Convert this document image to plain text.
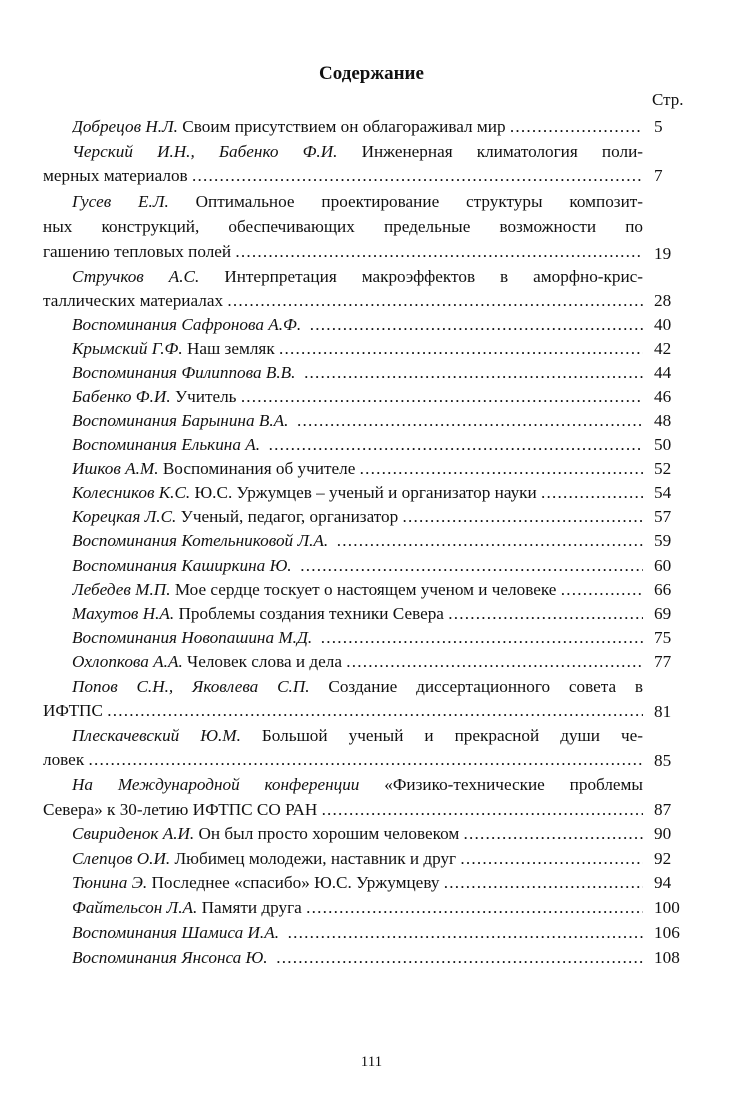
Содержание
Стр.
Добрецов Н.Л. Своим присутствием он облагораживал мир .....	5
Черский И.Н., Бабенко Ф.И. Инженерная климатология поли-
мерных материалов .....	7
Гусев Е.Л. Оптимальное проектирование структуры композит-
ных конструкций, обеспечивающих предельные возможности по
гашению тепловых полей .....	19
Стручков А.С. Интерпретация макроэффектов в аморфно-крис-
таллических материалах .....	28
Воспоминания Сафронова А.Ф. .....	40
Крымский Г.Ф. Наш земляк .....	42
Воспоминания Филиппова В.В. .....	44
Бабенко Ф.И. Учитель .....	46
Воспоминания Барынина В.А. .....	48
Воспоминания Елькина А. .....	50
Ишков А.М. Воспоминания об учителе .....	52
Колесников К.С. Ю.С. Уржумцев – ученый и организатор науки .....	54
Корецкая Л.С. Ученый, педагог, организатор .....	57
Воспоминания Котельниковой Л.А. .....	59
Воспоминания Каширкина Ю. .....	60
Лебедев М.П. Мое сердце тоскует о настоящем ученом и человеке .....	66
Махутов Н.А. Проблемы создания техники Севера .....	69
Воспоминания Новопашина М.Д. .....	75
Охлопкова А.А. Человек слова и дела .....	77
Попов С.Н., Яковлева С.П. Создание диссертационного совета в
ИФТПС .....	81
Плескачевский Ю.М. Большой ученый и прекрасной души че-
ловек .....	85
На Международной конференции «Физико-технические проблемы
Севера» к 30-летию ИФТПС СО РАН .....	87
Свириденок А.И. Он был просто хорошим человеком .....	90
Слепцов О.И. Любимец молодежи, наставник и друг .....	92
Тюнина Э. Последнее «спасибо» Ю.С. Уржумцеву .....	94
Файтельсон Л.А. Памяти друга .....	100
Воспоминания Шамиса И.А. .....	106
Воспоминания Янсонса Ю. .....	108
111
